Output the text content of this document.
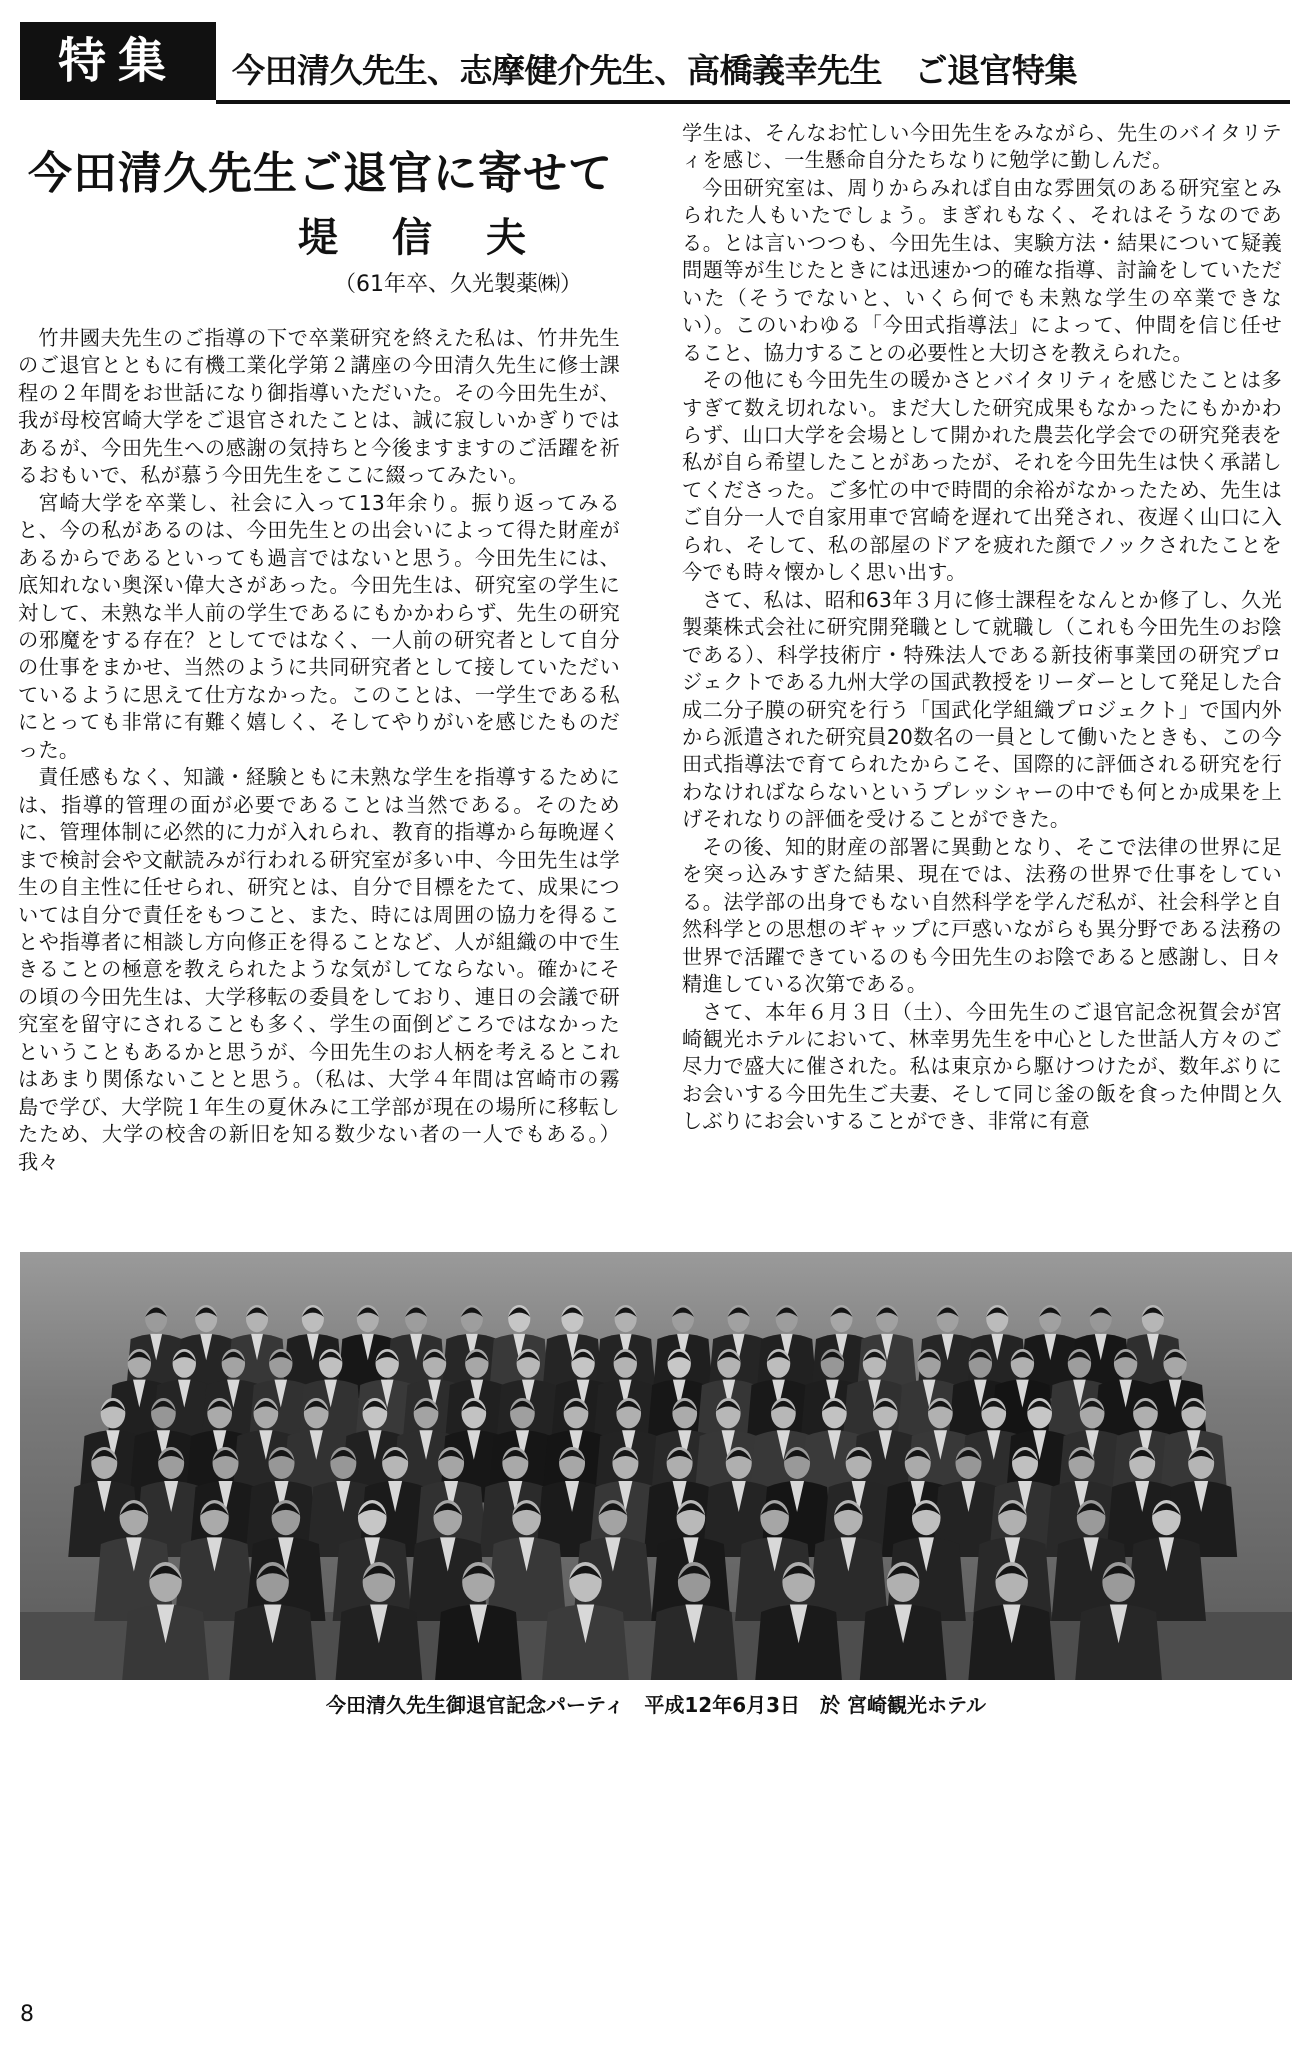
特集	今田清久先生、志摩健介先生、高橋義幸先生　ご退官特集
今田清久先生ご退官に寄せて
堤信夫
（61年卒、久光製薬㈱）

竹井國夫先生のご指導の下で卒業研究を終えた私は、竹井先生のご退官とともに有機工業化学第２講座の今田清久先生に修士課程の２年間をお世話になり御指導いただいた。その今田先生が、我が母校宮崎大学をご退官されたことは、誠に寂しいかぎりではあるが、今田先生への感謝の気持ちと今後ますますのご活躍を祈るおもいで、私が慕う今田先生をここに綴ってみたい。

宮崎大学を卒業し、社会に入って13年余り。振り返ってみると、今の私があるのは、今田先生との出会いによって得た財産があるからであるといっても過言ではないと思う。今田先生には、底知れない奥深い偉大さがあった。今田先生は、研究室の学生に対して、未熟な半人前の学生であるにもかかわらず、先生の研究の邪魔をする存在？としてではなく、一人前の研究者として自分の仕事をまかせ、当然のように共同研究者として接していただいているように思えて仕方なかった。このことは、一学生である私にとっても非常に有難く嬉しく、そしてやりがいを感じたものだった。

責任感もなく、知識・経験ともに未熟な学生を指導するためには、指導的管理の面が必要であることは当然である。そのために、管理体制に必然的に力が入れられ、教育的指導から毎晩遅くまで検討会や文献読みが行われる研究室が多い中、今田先生は学生の自主性に任せられ、研究とは、自分で目標をたて、成果については自分で責任をもつこと、また、時には周囲の協力を得ることや指導者に相談し方向修正を得ることなど、人が組織の中で生きることの極意を教えられたような気がしてならない。確かにその頃の今田先生は、大学移転の委員をしており、連日の会議で研究室を留守にされることも多く、学生の面倒どころではなかったということもあるかと思うが、今田先生のお人柄を考えるとこれはあまり関係ないことと思う。（私は、大学４年間は宮崎市の霧島で学び、大学院１年生の夏休みに工学部が現在の場所に移転したため、大学の校舎の新旧を知る数少ない者の一人でもある。）我々

学生は、そんなお忙しい今田先生をみながら、先生のバイタリティを感じ、一生懸命自分たちなりに勉学に勤しんだ。

今田研究室は、周りからみれば自由な雰囲気のある研究室とみられた人もいたでしょう。まぎれもなく、それはそうなのである。とは言いつつも、今田先生は、実験方法・結果について疑義問題等が生じたときには迅速かつ的確な指導、討論をしていただいた（そうでないと、いくら何でも未熟な学生の卒業できない）。このいわゆる「今田式指導法」によって、仲間を信じ任せること、協力することの必要性と大切さを教えられた。

その他にも今田先生の暖かさとバイタリティを感じたことは多すぎて数え切れない。まだ大した研究成果もなかったにもかかわらず、山口大学を会場として開かれた農芸化学会での研究発表を私が自ら希望したことがあったが、それを今田先生は快く承諾してくださった。ご多忙の中で時間的余裕がなかったため、先生はご自分一人で自家用車で宮崎を遅れて出発され、夜遅く山口に入られ、そして、私の部屋のドアを疲れた顔でノックされたことを今でも時々懐かしく思い出す。

さて、私は、昭和63年３月に修士課程をなんとか修了し、久光製薬株式会社に研究開発職として就職し（これも今田先生のお陰である）、科学技術庁・特殊法人である新技術事業団の研究プロジェクトである九州大学の国武教授をリーダーとして発足した合成二分子膜の研究を行う「国武化学組織プロジェクト」で国内外から派遣された研究員20数名の一員として働いたときも、この今田式指導法で育てられたからこそ、国際的に評価される研究を行わなければならないというプレッシャーの中でも何とか成果を上げそれなりの評価を受けることができた。

その後、知的財産の部署に異動となり、そこで法律の世界に足を突っ込みすぎた結果、現在では、法務の世界で仕事をしている。法学部の出身でもない自然科学を学んだ私が、社会科学と自然科学との思想のギャップに戸惑いながらも異分野である法務の世界で活躍できているのも今田先生のお陰であると感謝し、日々精進している次第である。

さて、本年６月３日（土）、今田先生のご退官記念祝賀会が宮崎観光ホテルにおいて、林幸男先生を中心とした世話人方々のご尽力で盛大に催された。私は東京から駆けつけたが、数年ぶりにお会いする今田先生ご夫妻、そして同じ釜の飯を食った仲間と久しぶりにお会いすることができ、非常に有意

今田清久先生御退官記念パーティ　平成12年6月3日　於 宮崎観光ホテル
8
